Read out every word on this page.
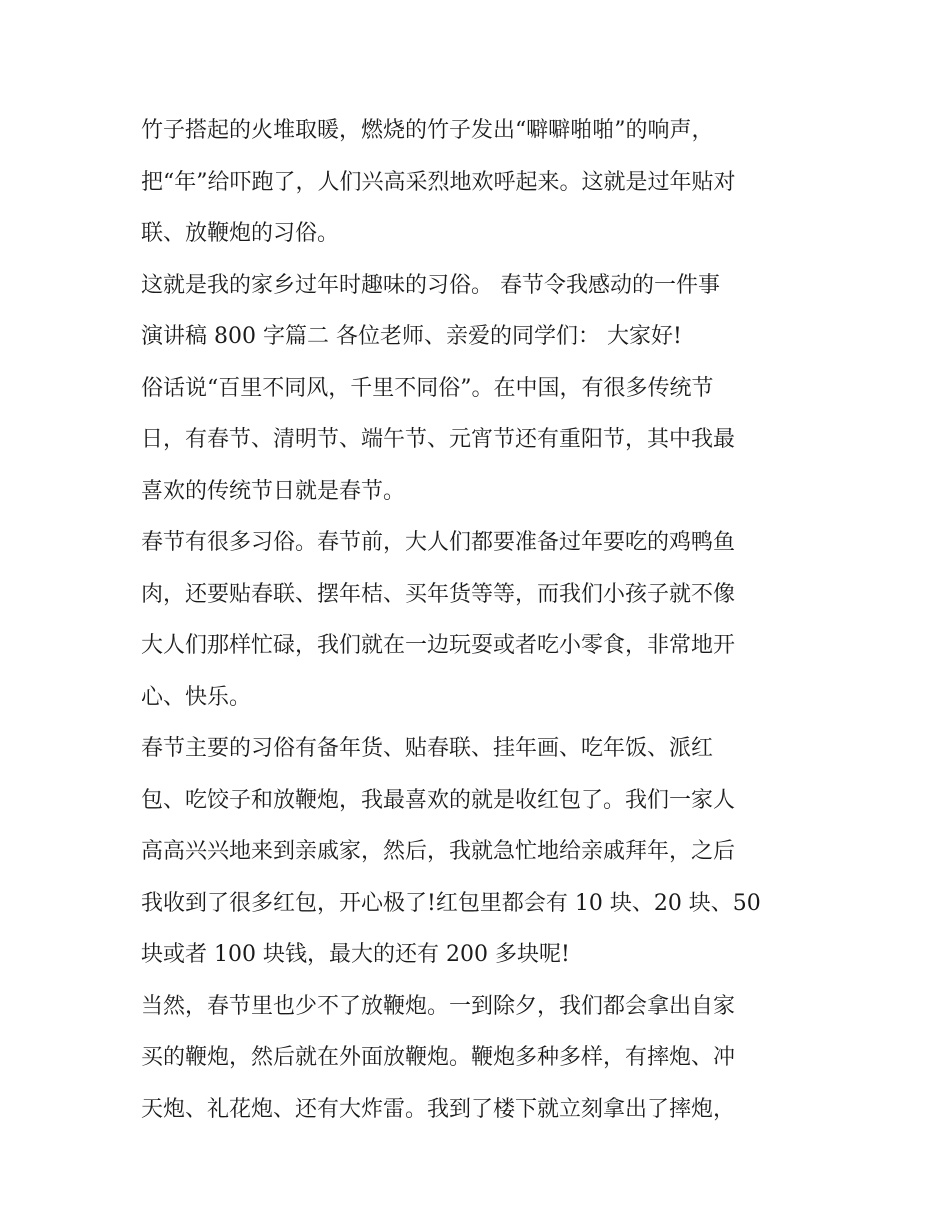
竹子搭起的火堆取暖，燃烧的竹子发出“噼噼啪啪”的响声，
把“年”给吓跑了，人们兴高采烈地欢呼起来。这就是过年贴对
联、放鞭炮的习俗。
这就是我的家乡过年时趣味的习俗。 春节令我感动的一件事
演讲稿 800 字篇二 各位老师、亲爱的同学们： 大家好!
俗话说“百里不同风，千里不同俗”。在中国，有很多传统节
日，有春节、清明节、端午节、元宵节还有重阳节，其中我最
喜欢的传统节日就是春节。
春节有很多习俗。春节前，大人们都要准备过年要吃的鸡鸭鱼
肉，还要贴春联、摆年桔、买年货等等，而我们小孩子就不像
大人们那样忙碌，我们就在一边玩耍或者吃小零食，非常地开
心、快乐。
春节主要的习俗有备年货、贴春联、挂年画、吃年饭、派红
包、吃饺子和放鞭炮，我最喜欢的就是收红包了。我们一家人
高高兴兴地来到亲戚家，然后，我就急忙地给亲戚拜年，之后
我收到了很多红包，开心极了!红包里都会有 10 块、20 块、50
块或者 100 块钱，最大的还有 200 多块呢!
当然，春节里也少不了放鞭炮。一到除夕，我们都会拿出自家
买的鞭炮，然后就在外面放鞭炮。鞭炮多种多样，有摔炮、冲
天炮、礼花炮、还有大炸雷。我到了楼下就立刻拿出了摔炮，
